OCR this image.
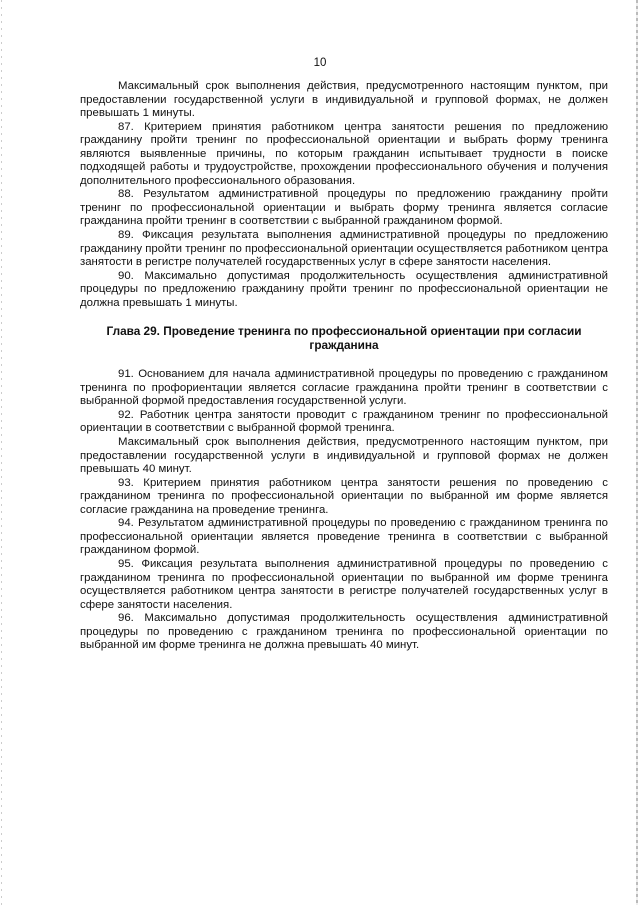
10

Максимальный срок выполнения действия, предусмотренного настоящим пунктом, при предоставлении государственной услуги в индивидуальной и групповой формах, не должен превышать 1 минуты.

87. Критерием принятия работником центра занятости решения по предложению гражданину пройти тренинг по профессиональной ориентации и выбрать форму тренинга являются выявленные причины, по которым гражданин испытывает трудности в поиске подходящей работы и трудоустройстве, прохождении профессионального обучения и получения дополнительного профессионального образования.

88. Результатом административной процедуры по предложению гражданину пройти тренинг по профессиональной ориентации и выбрать форму тренинга является согласие гражданина пройти тренинг в соответствии с выбранной гражданином формой.

89. Фиксация результата выполнения административной процедуры по предложению гражданину пройти тренинг по профессиональной ориентации осуществляется работником центра занятости в регистре получателей государственных услуг в сфере занятости населения.

90. Максимально допустимая продолжительность осуществления административной процедуры по предложению гражданину пройти тренинг по профессиональной ориентации не должна превышать 1 минуты.

Глава 29. Проведение тренинга по профессиональной ориентации при согласии гражданина

91. Основанием для начала административной процедуры по проведению с гражданином тренинга по профориентации является согласие гражданина пройти тренинг в соответствии с выбранной формой предоставления государственной услуги.

92. Работник центра занятости проводит с гражданином тренинг по профессиональной ориентации в соответствии с выбранной формой тренинга.

Максимальный срок выполнения действия, предусмотренного настоящим пунктом, при предоставлении государственной услуги в индивидуальной и групповой формах не должен превышать 40 минут.

93. Критерием принятия работником центра занятости решения по проведению с гражданином тренинга по профессиональной ориентации по выбранной им форме является согласие гражданина на проведение тренинга.

94. Результатом административной процедуры по проведению с гражданином тренинга по профессиональной ориентации является проведение тренинга в соответствии с выбранной гражданином формой.

95. Фиксация результата выполнения административной процедуры по проведению с гражданином тренинга по профессиональной ориентации по выбранной им форме тренинга осуществляется работником центра занятости в регистре получателей государственных услуг в сфере занятости населения.

96. Максимально допустимая продолжительность осуществления административной процедуры по проведению с гражданином тренинга по профессиональной ориентации по выбранной им форме тренинга не должна превышать 40 минут.
